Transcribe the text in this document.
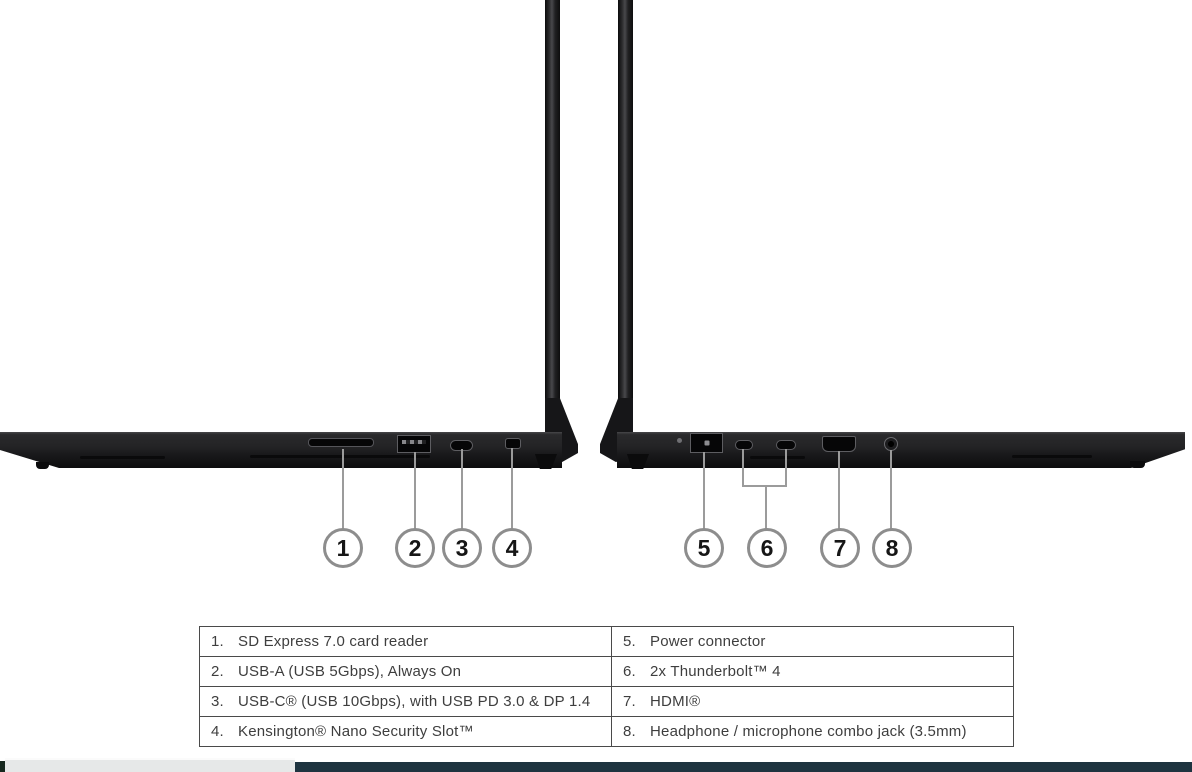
1	2	3	4	5	6	7	8
1. SD Express 7.0 card reader	5. Power connector
2. USB-A (USB 5Gbps), Always On	6. 2x Thunderbolt™ 4
3. USB-C® (USB 10Gbps), with USB PD 3.0 & DP 1.4	7. HDMI®
4. Kensington® Nano Security Slot™	8. Headphone / microphone combo jack (3.5mm)
